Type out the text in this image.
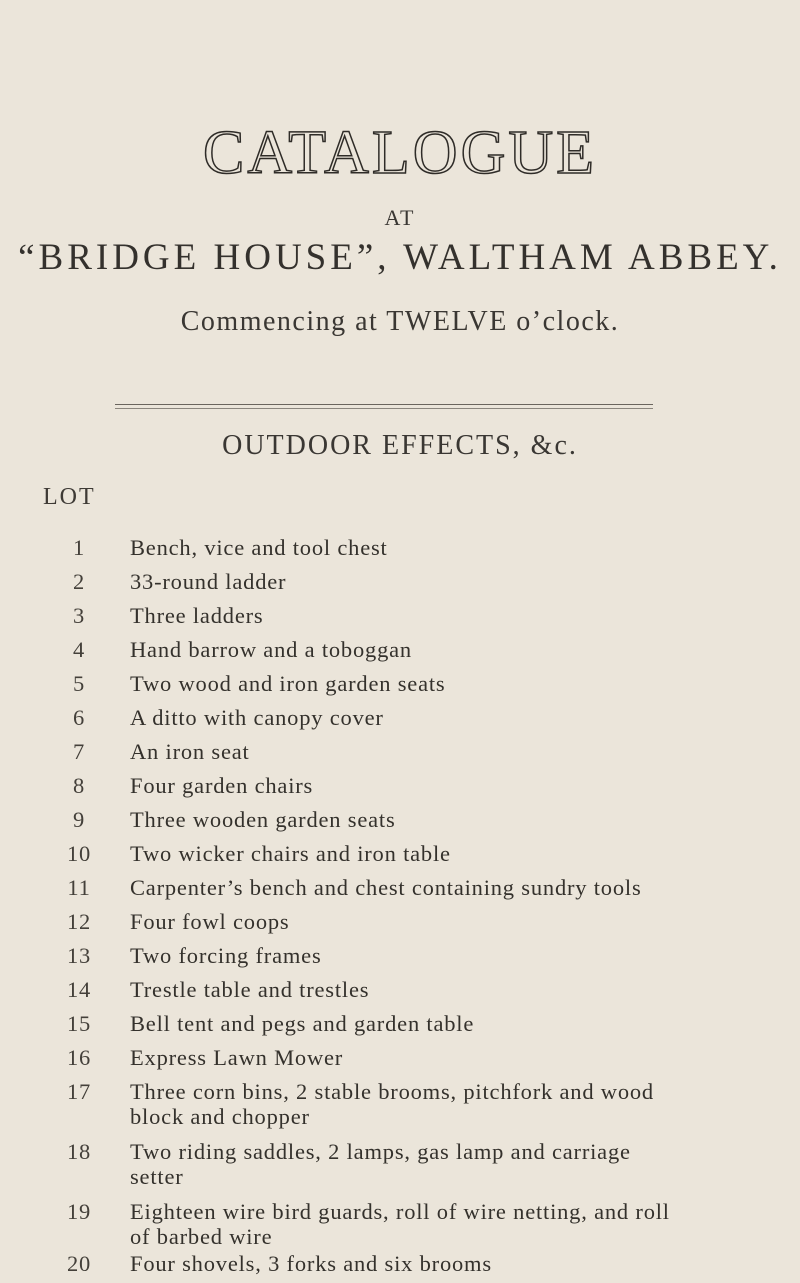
CATALOGUE
AT
“BRIDGE HOUSE”, WALTHAM ABBEY.
Commencing at TWELVE o’clock.
OUTDOOR EFFECTS, &c.
LOT
1	Bench, vice and tool chest
2	33-round ladder
3	Three ladders
4	Hand barrow and a toboggan
5	Two wood and iron garden seats
6	A ditto with canopy cover
7	An iron seat
8	Four garden chairs
9	Three wooden garden seats
10	Two wicker chairs and iron table
11	Carpenter’s bench and chest containing sundry tools
12	Four fowl coops
13	Two forcing frames
14	Trestle table and trestles
15	Bell tent and pegs and garden table
16	Express Lawn Mower
17	Three corn bins, 2 stable brooms, pitchfork and wood block and chopper
18	Two riding saddles, 2 lamps, gas lamp and carriage setter
19	Eighteen wire bird guards, roll of wire netting, and roll of barbed wire
20	Four shovels, 3 forks and six brooms
